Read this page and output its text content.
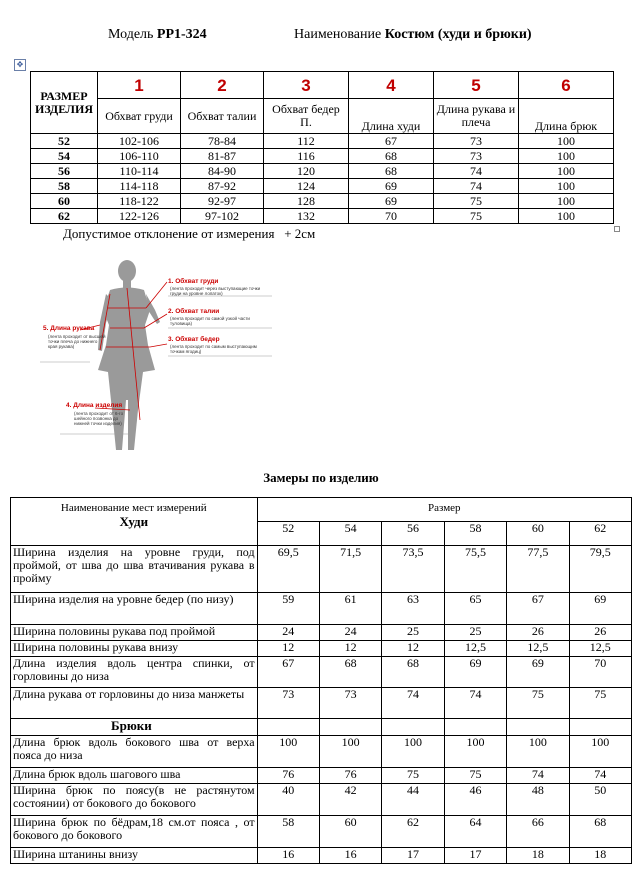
Модель РР1-324	Наименование Костюм (худи и брюки)
✥
РАЗМЕР ИЗДЕЛИЯ	1	2	3	4	5	6
	Обхват груди	Обхват талии	Обхват бедер П.	Длина худи	Длина рукава и плеча	Длина брюк
52	102-106	78-84	112	67	73	100
54	106-110	81-87	116	68	73	100
56	110-114	84-90	120	68	74	100
58	114-118	87-92	124	69	74	100
60	118-122	92-97	128	69	75	100
62	122-126	97-102	132	70	75	100
Допустимое отклонение от измерения + 2см
1. Обхват груди
(лента проходит через выступающие точки груди на уровне лопаток)
2. Обхват талии
(лента проходит по самой узкой части туловища)
3. Обхват бедер
(лента проходит по самым выступающим точкам ягодиц)
5. Длина рукава
(лента проходит от высшей точки плеча до нижнего края рукава)
4. Длина изделия
(лента проходит от 6-го шейного позвонка до нижней точки изделия)
Замеры по изделию
Наименование мест измерений
Худи	Размер					
	52	54	56	58	60	62
Ширина изделия на уровне груди, под проймой, от шва до шва втачивания рукава в пройму	69,5	71,5	73,5	75,5	77,5	79,5
Ширина изделия на уровне бедер (по низу)	59	61	63	65	67	69
Ширина половины рукава под проймой	24	24	25	25	26	26
Ширина половины рукава внизу	12	12	12	12,5	12,5	12,5
Длина изделия вдоль центра спинки, от горловины до низа	67	68	68	69	69	70
Длина рукава от горловины до низа манжеты	73	73	74	74	75	75
Брюки						
Длина брюк вдоль бокового шва от верха пояса до низа	100	100	100	100	100	100
Длина брюк вдоль шагового шва	76	76	75	75	74	74
Ширина брюк по поясу(в не растянутом состоянии) от бокового до бокового	40	42	44	46	48	50
Ширина брюк по бёдрам,18 см.от пояса , от бокового до бокового	58	60	62	64	66	68
Ширина штанины внизу	16	16	17	17	18	18
